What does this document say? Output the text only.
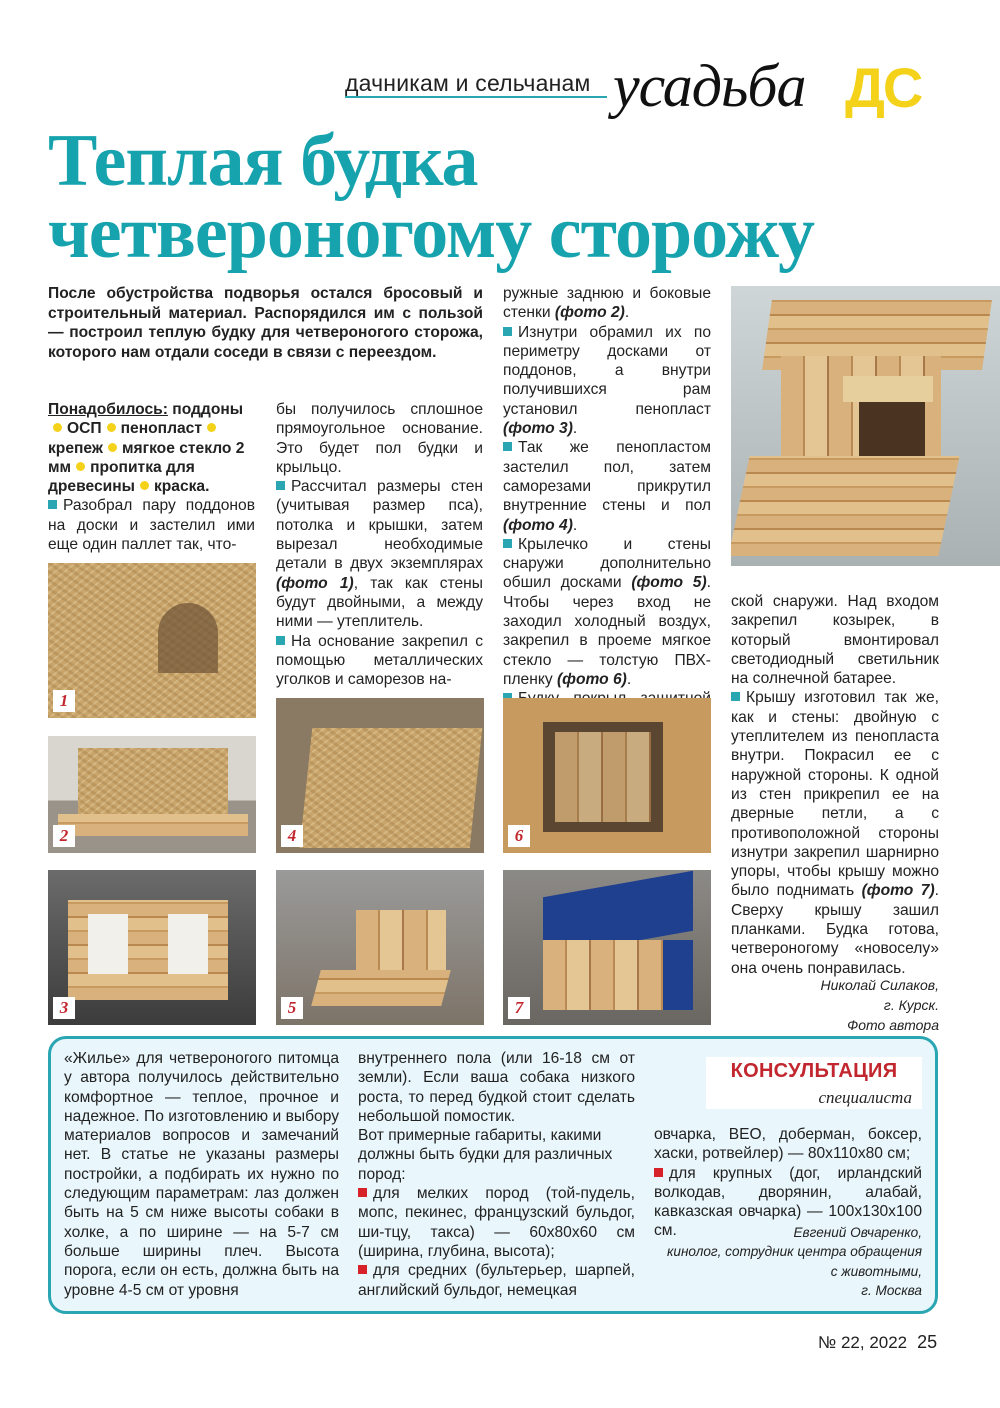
дачникам и сельчанам усадьба ДС
Теплая будка
четвероногому сторожу
После обустройства подворья остался бросовый и строительный материал. Распорядился им с пользой — построил теплую будку для четвероногого сторожа, которого нам отдали соседи в связи с переездом.

Понадобилось: поддоныОСП пенопласткрепеж мягкое стекло 2 мм пропитка для древесины краска.

Разобрал пару поддонов на доски и застелил ими еще один паллет так, что-

бы получилось сплошное прямоугольное основание. Это будет пол будки и крыльцо.

Рассчитал размеры стен (учитывая размер пса), потолка и крышки, затем вырезал необходимые детали в двух экземплярах (фото 1), так как стены будут двойными, а между ними — утеплитель.

На основание закрепил с помощью металлических уголков и саморезов на-

ружные заднюю и боковые стенки (фото 2).

Изнутри обрамил их по периметру досками от поддонов, а внутри получившихся рам установил пенопласт (фото 3).

Так же пенопластом застелил пол, затем саморезами прикрутил внутренние стены и пол (фото 4).

Крылечко и стены снаружи дополнительно обшил досками (фото 5). Чтобы через вход не заходил холодный воздух, закрепил в проеме мягкое стекло — толстую ПВХ-пленку (фото 6).

ской снаружи. Над входом закрепил козырек, в который вмонтировал светодиодный светильник на солнечной батарее.

Крышу изготовил так же, как и стены: двойную с утеплителем из пенопласта внутри. Покрасил ее с наружной стороны. К одной из стен прикрепил ее на дверные петли, а с противоположной стороны изнутри закрепил шарнирно упоры, чтобы крышу можно было поднимать (фото 7). Сверху крышу зашил планками. Будка готова, четвероногому «новоселу» она очень понравилась.

Николай Силаков,
г. Курск.
Фото автора
1
2
3
4
5
6
7
«Жилье» для четвероногого питомца у автора получилось действительно комфортное — теплое, прочное и надежное. По изготовлению и выбору материалов вопросов и замечаний нет. В статье не указаны размеры постройки, а подбирать их нужно по следующим параметрам: лаз должен быть на 5 см ниже высоты собаки в холке, а по ширине — на 5-7 см больше ширины плеч. Высота порога, если он есть, должна быть на уровне 4-5 см от уровня

внутреннего пола (или 16-18 см от земли). Если ваша собака низкого роста, то перед будкой стоит сделать небольшой помостик.

Вот примерные габариты, какими должны быть будки для различных пород:

для мелких пород (той-пудель, мопс, пекинес, французский бульдог, ши-тцу, такса) — 60x80x60 см (ширина, глубина, высота);

для средних (бультерьер, шарпей, английский бульдог, немецкая

КОНСУЛЬТАЦИЯ
специалиста

овчарка, ВЕО, доберман, боксер, хаски, ротвейлер) — 80x110x80 см;

для крупных (дог, ирландский волкодав, дворянин, алабай, кавказская овчарка) — 100x130x100 см.	Евгений Овчаренко,
кинолог, сотрудник центра обращения
с животными,
г. Москва
№ 22, 2022 25
